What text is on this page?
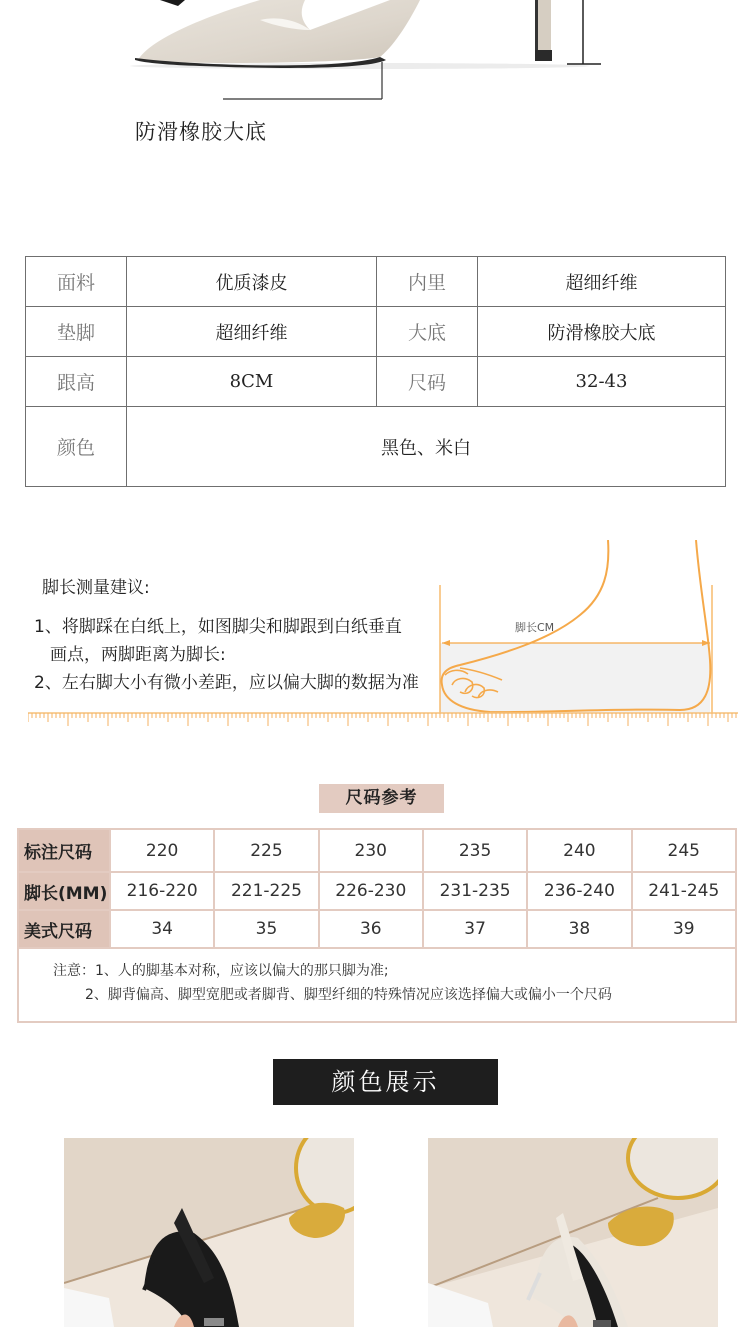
防滑橡胶大底
面料	优质漆皮	内里	超细纤维
垫脚	超细纤维	大底	防滑橡胶大底
跟高	8CM	尺码	32-43
颜色	黑色、米白		
脚长测量建议:
1、将脚踩在白纸上，如图脚尖和脚跟到白纸垂直
画点，两脚距离为脚长:
2、左右脚大小有微小差距，应以偏大脚的数据为准
脚长CM
尺码参考
标注尺码	220	225	230	235	240	245
脚长(MM)	216-220	221-225	226-230	231-235	236-240	241-245
美式尺码	34	35	36	37	38	39

注意：1、人的脚基本对称，应该以偏大的那只脚为准;
2、脚背偏高、脚型宽肥或者脚背、脚型纤细的特殊情况应该选择偏大或偏小一个尺码						
颜色展示
